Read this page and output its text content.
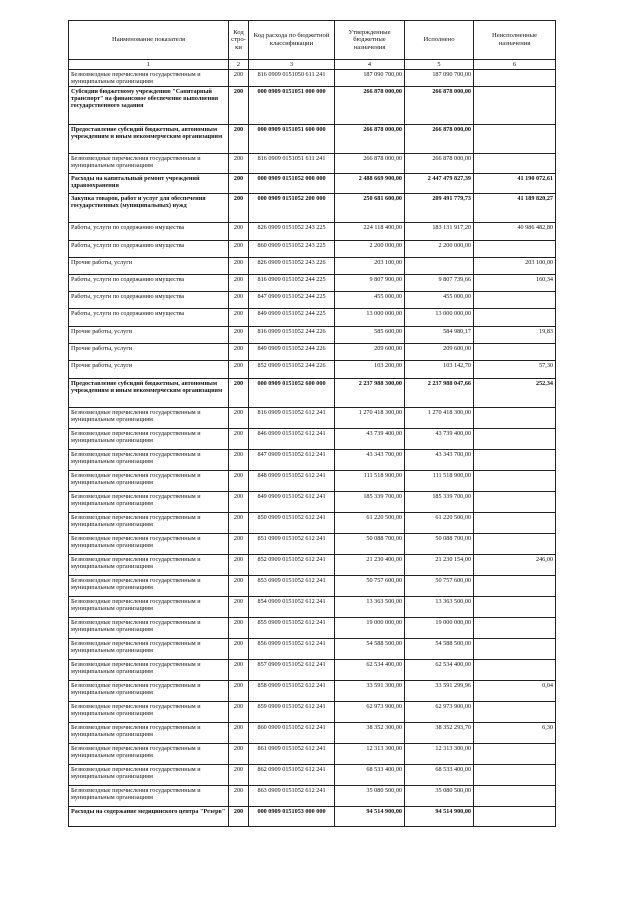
Наименование показателя	Код стро-ки	Код расхода по бюджетной классификации	Утвержденные бюджетные назначения	Исполнено	Неисполненные назначения
1	2	3	4	5	6
Безвозмездные перечисления государственным и муниципальным организациям	200	816 0909 0151050 611 241	187 090 700,00	187 090 700,00	
Субсидии бюджетному учреждению "Санитарный транспорт" на финансовое обеспечение выполнения государственного задания	200	000 0909 0151051 000 000	266 878 000,00	266 878 000,00	
Предоставление субсидий бюджетным, автономным учреждениям и иным некоммерческим организациям	200	000 0909 0151051 600 000	266 878 000,00	266 878 000,00	
Безвозмездные перечисления государственным и муниципальным организациям	200	816 0909 0151051 611 241	266 878 000,00	266 878 000,00	
Расходы на капитальный ремонт учреждений здравоохранения	200	000 0909 0151052 000 000	2 488 669 900,00	2 447 479 827,39	41 190 072,61
Закупка товаров, работ и услуг для обеспечения государственных (муниципальных) нужд	200	000 0909 0151052 200 000	250 681 600,00	209 491 779,73	41 189 820,27
Работы, услуги по содержанию имущества	200	826 0909 0151052 243 225	224 118 400,00	183 131 917,20	40 986 482,80
Работы, услуги по содержанию имущества	200	860 0909 0151052 243 225	2 200 000,00	2 200 000,00	
Прочие работы, услуги	200	826 0909 0151052 243 226	203 100,00		203 100,00
Работы, услуги по содержанию имущества	200	816 0909 0151052 244 225	9 807 900,00	9 807 739,66	160,34
Работы, услуги по содержанию имущества	200	847 0909 0151052 244 225	455 000,00	455 000,00	
Работы, услуги по содержанию имущества	200	849 0909 0151052 244 225	13 000 000,00	13 000 000,00	
Прочие работы, услуги	200	816 0909 0151052 244 226	585 600,00	584 980,17	19,83
Прочие работы, услуги	200	849 0909 0151052 244 226	209 600,00	209 600,00	
Прочие работы, услуги	200	852 0909 0151052 244 226	103 200,00	103 142,70	57,30
Предоставление субсидий бюджетным, автономным учреждениям и иным некоммерческим организациям	200	000 0909 0151052 600 000	2 237 988 300,00	2 237 988 047,66	252,34
Безвозмездные перечисления государственным и муниципальным организациям	200	816 0909 0151052 612 241	1 270 418 300,00	1 270 418 300,00	
Безвозмездные перечисления государственным и муниципальным организациям	200	846 0909 0151052 612 241	43 739 400,00	43 739 400,00	
Безвозмездные перечисления государственным и муниципальным организациям	200	847 0909 0151052 612 241	43 343 700,00	43 343 700,00	
Безвозмездные перечисления государственным и муниципальным организациям	200	848 0909 0151052 612 241	111 518 900,00	111 518 900,00	
Безвозмездные перечисления государственным и муниципальным организациям	200	849 0909 0151052 612 241	185 339 700,00	185 339 700,00	
Безвозмездные перечисления государственным и муниципальным организациям	200	850 0909 0151052 612 241	61 220 500,00	61 220 500,00	
Безвозмездные перечисления государственным и муниципальным организациям	200	851 0909 0151052 612 241	50 088 700,00	50 088 700,00	
Безвозмездные перечисления государственным и муниципальным организациям	200	852 0909 0151052 612 241	21 230 400,00	21 230 154,00	246,00
Безвозмездные перечисления государственным и муниципальным организациям	200	853 0909 0151052 612 241	50 757 600,00	50 757 600,00	
Безвозмездные перечисления государственным и муниципальным организациям	200	854 0909 0151052 612 241	13 363 500,00	13 363 500,00	
Безвозмездные перечисления государственным и муниципальным организациям	200	855 0909 0151052 612 241	19 000 000,00	19 000 000,00	
Безвозмездные перечисления государственным и муниципальным организациям	200	856 0909 0151052 612 241	54 588 500,00	54 588 500,00	
Безвозмездные перечисления государственным и муниципальным организациям	200	857 0909 0151052 612 241	62 534 400,00	62 534 400,00	
Безвозмездные перечисления государственным и муниципальным организациям	200	858 0909 0151052 612 241	33 591 300,00	33 591 299,96	0,04
Безвозмездные перечисления государственным и муниципальным организациям	200	859 0909 0151052 612 241	62 973 900,00	62 973 900,00	
Безвозмездные перечисления государственным и муниципальным организациям	200	860 0909 0151052 612 241	38 352 300,00	38 352 293,70	6,30
Безвозмездные перечисления государственным и муниципальным организациям	200	861 0909 0151052 612 241	12 313 300,00	12 313 300,00	
Безвозмездные перечисления государственным и муниципальным организациям	200	862 0909 0151052 612 241	68 533 400,00	68 533 400,00	
Безвозмездные перечисления государственным и муниципальным организациям	200	863 0909 0151052 612 241	35 080 500,00	35 080 500,00	
Расходы на содержание медицинского центра "Резерв"	200	000 0909 0151053 000 000	94 514 900,00	94 514 900,00	
